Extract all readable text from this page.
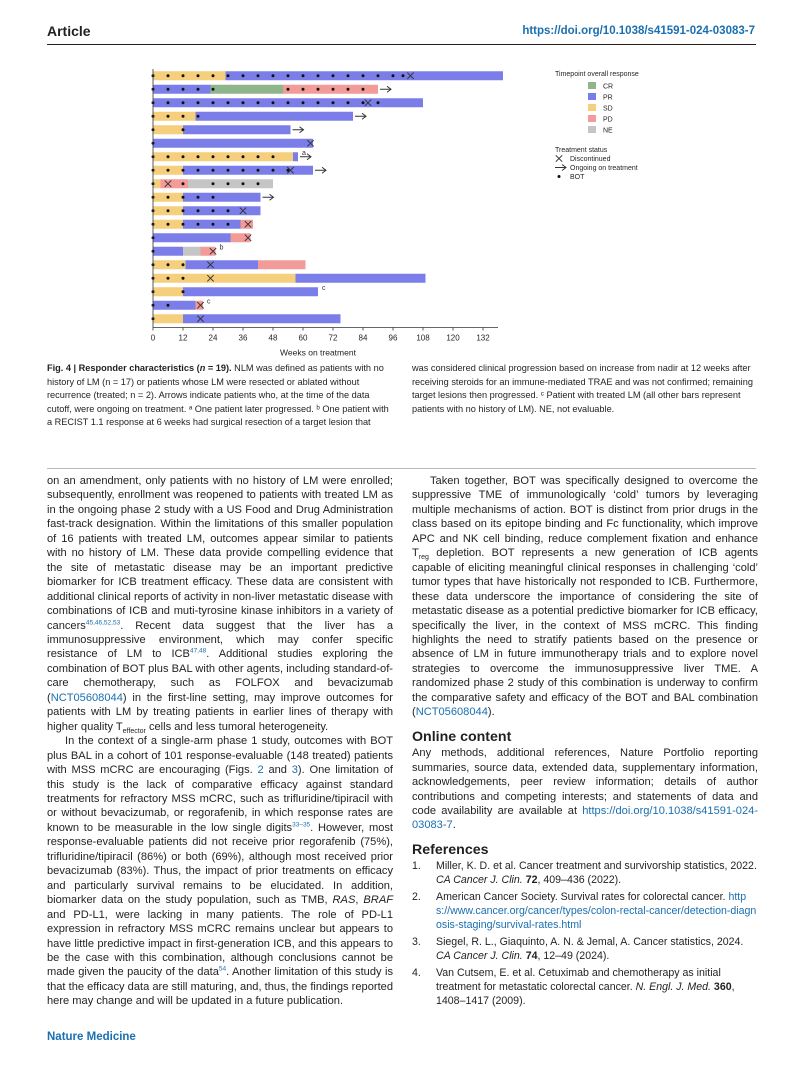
Article	https://doi.org/10.1038/s41591-024-03083-7
a
b
c
c
0	12	24	36	48	60	72	84	96 108 120 132
Weeks on treatment
Timepoint overall response
CR
PR
SD
PD
NE
Treatment status
Discontinued
Ongoing on treatment
BOT
Fig. 4 | Responder characteristics (n = 19). NLM was defined as patients with no history of LM (n = 17) or patients whose LM were resected or ablated without recurrence (treated; n = 2). Arrows indicate patients who, at the time of the data cutoff, were ongoing on treatment. ᵃ One patient later progressed. ᵇ One patient with a RECIST 1.1 response at 6 weeks had surgical resection of a target lesion that
was considered clinical progression based on increase from nadir at 12 weeks after receiving steroids for an immune-mediated TRAE and was not confirmed; remaining target lesions then progressed. ᶜ Patient with treated LM (all other bars represent patients with no history of LM). NE, not evaluable.

on an amendment, only patients with no history of LM were enrolled; subsequently, enrollment was reopened to patients with treated LM as in the ongoing phase 2 study with a US Food and Drug Administration fast-track designation. Within the limitations of this smaller population of 16 patients with treated LM, outcomes appear similar to patients with no history of LM. These data provide compelling evidence that the site of metastatic disease may be an important predictive biomarker for ICB treatment efficacy. These data are consistent with additional clinical reports of activity in non-liver metastatic disease with combinations of ICB and muti-tyrosine kinase inhibitors in a variety of cancers$^{45,46,52,53}$. Recent data suggest that the liver has a immunosuppressive environment, which may confer specific resistance of LM to ICB$^{47,48}$. Additional studies exploring the combination of BOT plus BAL with other agents, including standard-of-care chemotherapy, such as FOLFOX and bevacizumab (NCT05608044) in the first-line setting, may improve outcomes for patients with LM by treating patients in earlier lines of therapy with higher quality $T_{effector}$ cells and less tumoral heterogeneity.

In the context of a single-arm phase 1 study, outcomes with BOT plus BAL in a cohort of 101 response-evaluable (148 treated) patients with MSS mCRC are encouraging (Figs. 2 and 3). One limitation of this study is the lack of comparative efficacy against standard treatments for refractory MSS mCRC, such as trifluridine/tipiracil with or without bevacizumab, or regorafenib, in which response rates are known to be measurable in the low single digits$^{33-35}$. However, most response-evaluable patients did not receive prior regorafenib (75%), trifluridine/tipiracil (86%) or both (69%), although most received prior bevacizumab (83%). Thus, the impact of prior treatments on efficacy and particularly survival remains to be elucidated. In addition, biomarker data on the study population, such as TMB, RAS, BRAF and PD-L1, were lacking in many patients. The role of PD-L1 expression in refractory MSS mCRC remains unclear but appears to have little predictive impact in first-generation ICB, and this appears to be the case with this combination, although conclusions cannot be made given the paucity of the data$^{54}$. Another limitation of this study is that the efficacy data are still maturing, and, thus, the findings reported here may change and will be updated in a future publication.

Taken together, BOT was specifically designed to overcome the suppressive TME of immunologically ‘cold’ tumors by leveraging multiple mechanisms of action. BOT is distinct from prior drugs in the class based on its epitope binding and Fc functionality, which improve APC and NK cell binding, reduce complement fixation and enhance $T_{reg}$ depletion. BOT represents a new generation of ICB agents capable of eliciting meaningful clinical responses in challenging ‘cold’ tumor types that have historically not responded to ICB. Furthermore, these data underscore the importance of considering the site of metastatic disease as a potential predictive biomarker for ICB efficacy, specifically the liver, in the context of MSS mCRC. This finding highlights the need to stratify patients based on the presence or absence of LM in future immunotherapy trials and to explore novel strategies to overcome the immunosuppressive liver TME. A randomized phase 2 study of this combination is underway to confirm the comparative safety and efficacy of the BOT and BAL combination (NCT05608044).

Online content

Any methods, additional references, Nature Portfolio reporting summaries, source data, extended data, supplementary information, acknowledgements, peer review information; details of author contributions and competing interests; and statements of data and code availability are available at https://doi.org/10.1038/s41591-024-03083-7.

References
1. Miller, K. D. et al. Cancer treatment and survivorship statistics, 2022. CA Cancer J. Clin. 72, 409–436 (2022).
2. American Cancer Society. Survival rates for colorectal cancer. https://www.cancer.org/cancer/types/colon-rectal-cancer/detection-diagnosis-staging/survival-rates.html
3. Siegel, R. L., Giaquinto, A. N. & Jemal, A. Cancer statistics, 2024. CA Cancer J. Clin. 74, 12–49 (2024).
4. Van Cutsem, E. et al. Cetuximab and chemotherapy as initial treatment for metastatic colorectal cancer. N. Engl. J. Med. 360, 1408–1417 (2009).
Nature Medicine
